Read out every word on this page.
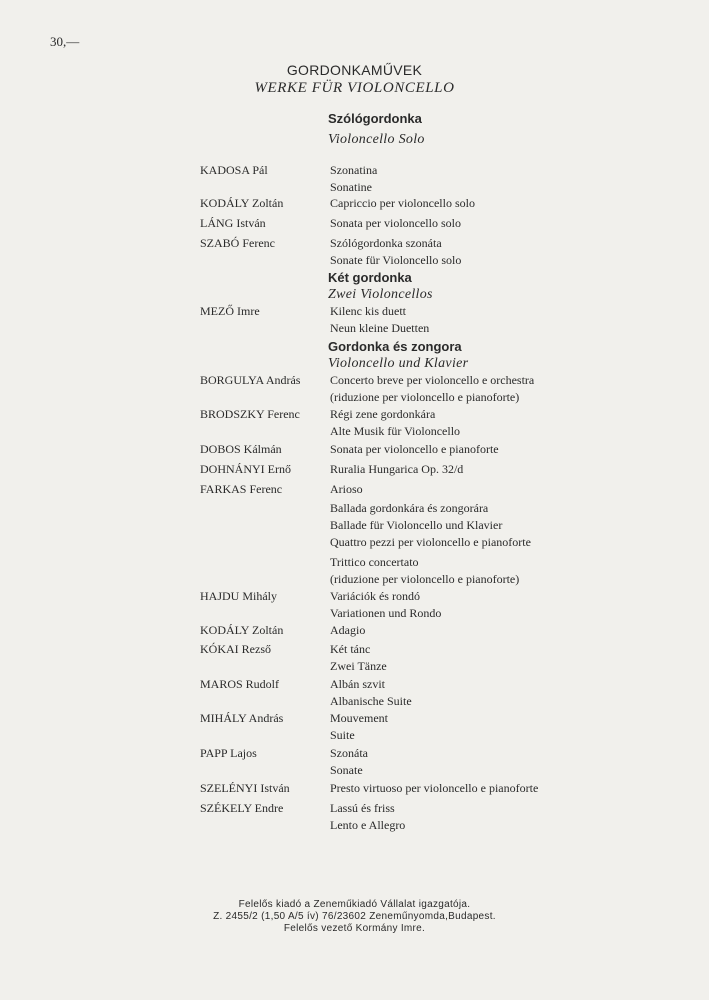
30,—
GORDONKAMŰVEK
WERKE FÜR VIOLONCELLO
Szólógordonka
Violoncello Solo
KADOSA Pál	Szonatina
Sonatine
KODÁLY Zoltán	Capriccio per violoncello solo
LÁNG István	Sonata per violoncello solo
SZABÓ Ferenc	Szólógordonka szonáta
Sonate für Violoncello solo
Két gordonka
Zwei Violoncellos
MEZŐ Imre	Kilenc kis duett
Neun kleine Duetten
Gordonka és zongora
Violoncello und Klavier
BORGULYA András Concerto breve per violoncello e orchestra
(riduzione per violoncello e pianoforte)
BRODSZKY Ferenc	Régi zene gordonkára
Alte Musik für Violoncello
DOBOS Kálmán	Sonata per violoncello e pianoforte
DOHNÁNYI Ernő	Ruralia Hungarica Op. 32/d
FARKAS Ferenc	Arioso
Ballada gordonkára és zongorára
Ballade für Violoncello und Klavier
Quattro pezzi per violoncello e pianoforte
Trittico concertato
(riduzione per violoncello e pianoforte)
HAJDU Mihály	Variációk és rondó
Variationen und Rondo
KODÁLY Zoltán	Adagio
KÓKAI Rezső	Két tánc
Zwei Tänze
MAROS Rudolf	Albán szvit
Albanische Suite
MIHÁLY András	Mouvement
Suite
PAPP Lajos	Szonáta
Sonate
SZELÉNYI István	Presto virtuoso per violoncello e pianoforte
SZÉKELY Endre	Lassú és friss
Lento e Allegro
Felelős kiadó a Zeneműkiadó Vállalat igazgatója.
Z. 2455/2 (1,50 A/5 ív) 76/23602 Zeneműnyomda,Budapest.
Felelős vezető Kormány Imre.
